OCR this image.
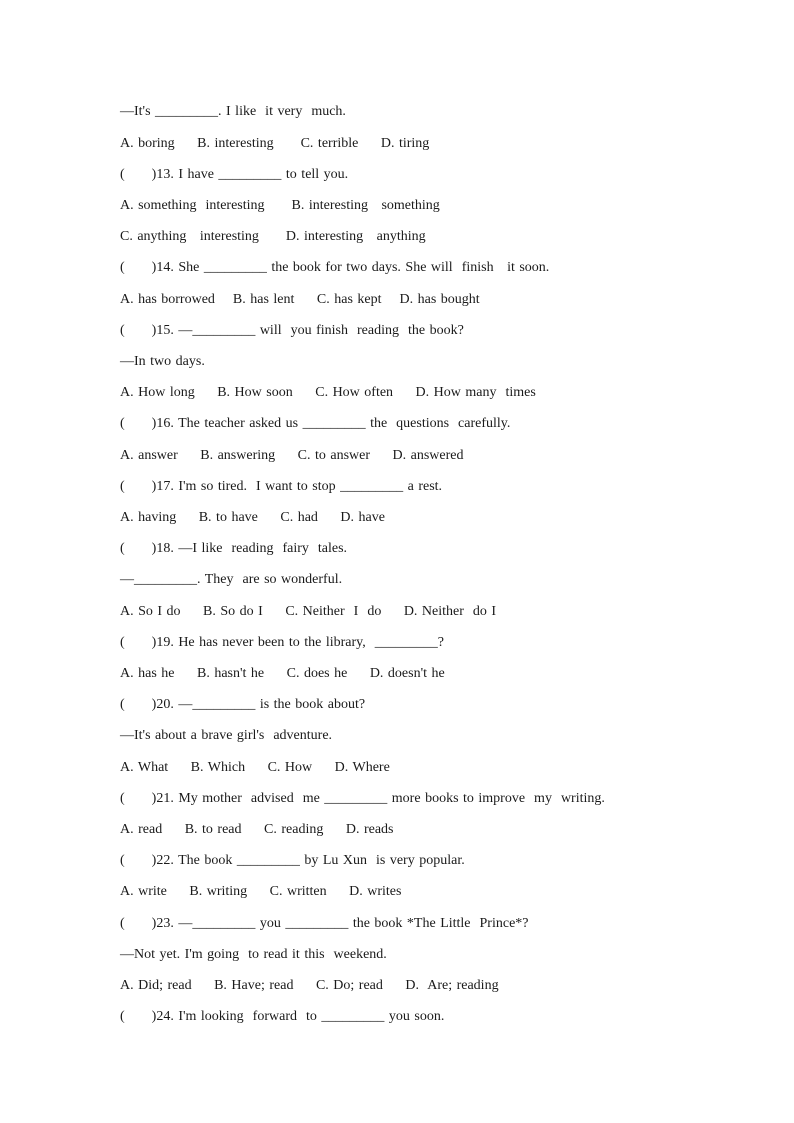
—It's _________. I like  it very  much.
A. boring     B. interesting      C. terrible     D. tiring
(      )13. I have _________ to tell you.
A. something  interesting      B. interesting   something
C. anything   interesting      D. interesting   anything
(      )14. She _________ the book for two days. She will  finish   it soon.
A. has borrowed    B. has lent     C. has kept    D. has bought
(      )15. —_________ will  you finish  reading  the book?
—In two days.
A. How long     B. How soon     C. How often     D. How many  times
(      )16. The teacher asked us _________ the  questions  carefully.
A. answer     B. answering     C. to answer     D. answered
(      )17. I'm so tired.  I want to stop _________ a rest.
A. having     B. to have     C. had     D. have
(      )18. —I like  reading  fairy  tales.
—_________. They  are so wonderful.
A. So I do     B. So do I     C. Neither  I  do     D. Neither  do I
(      )19. He has never been to the library,  _________?
A. has he     B. hasn't he     C. does he     D. doesn't he
(      )20. —_________ is the book about?
—It's about a brave girl's  adventure.
A. What     B. Which     C. How     D. Where
(      )21. My mother  advised  me _________ more books to improve  my  writing.
A. read     B. to read     C. reading     D. reads
(      )22. The book _________ by Lu Xun  is very popular.
A. write     B. writing     C. written     D. writes
(      )23. —_________ you _________ the book *The Little  Prince*?
—Not yet. I'm going  to read it this  weekend.
A. Did; read     B. Have; read     C. Do; read     D.  Are; reading
(      )24. I'm looking  forward  to _________ you soon.
